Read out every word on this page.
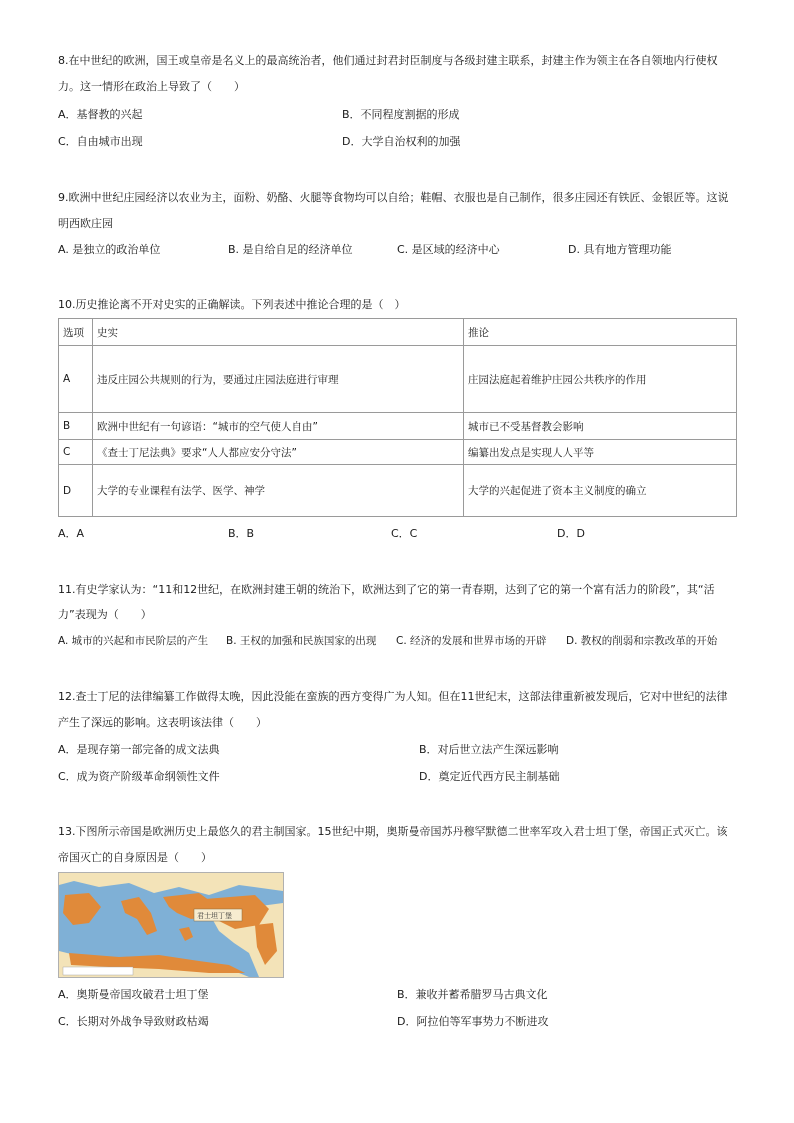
8.在中世纪的欧洲，国王或皇帝是名义上的最高统治者，他们通过封君封臣制度与各级封建主联系，封建主作为领主在各自领地内行使权
力。这一情形在政治上导致了（　　）
A．基督教的兴起	B．不同程度割据的形成
C．自由城市出现	D．大学自治权利的加强
9.欧洲中世纪庄园经济以农业为主，面粉、奶酪、火腿等食物均可以自给；鞋帽、衣服也是自己制作，很多庄园还有铁匠、金银匠等。这说
明西欧庄园
A. 是独立的政治单位	B. 是自给自足的经济单位	C. 是区域的经济中心	D. 具有地方管理功能
10.历史推论离不开对史实的正确解读。下列表述中推论合理的是（　）
选项	史实	推论
A	违反庄园公共规则的行为，要通过庄园法庭进行审理	庄园法庭起着维护庄园公共秩序的作用
B	欧洲中世纪有一句谚语：“城市的空气使人自由”	城市已不受基督教会影响
C	《查士丁尼法典》要求“人人都应安分守法”	编纂出发点是实现人人平等
D	大学的专业课程有法学、医学、神学	大学的兴起促进了资本主义制度的确立
A．A	B．B	C．C	D．D
11.有史学家认为：“11和12世纪，在欧洲封建王朝的统治下，欧洲达到了它的第一青春期，达到了它的第一个富有活力的阶段”，其“活
力”表现为（　　）
A. 城市的兴起和市民阶层的产生 B. 王权的加强和民族国家的出现 C. 经济的发展和世界市场的开辟 D. 教权的削弱和宗教改革的开始
12.查士丁尼的法律编纂工作做得太晚，因此没能在蛮族的西方变得广为人知。但在11世纪末，这部法律重新被发现后，它对中世纪的法律
产生了深远的影响。这表明该法律（　　）
A．是现存第一部完备的成文法典	B．对后世立法产生深远影响
C．成为资产阶级革命纲领性文件	D．奠定近代西方民主制基础
13.下图所示帝国是欧洲历史上最悠久的君主制国家。15世纪中期，奥斯曼帝国苏丹穆罕默德二世率军攻入君士坦丁堡，帝国正式灭亡。该
帝国灭亡的自身原因是（　　）
君士坦丁堡
A．奥斯曼帝国攻破君士坦丁堡	B．兼收并蓄希腊罗马古典文化
C．长期对外战争导致财政枯竭	D．阿拉伯等军事势力不断进攻
